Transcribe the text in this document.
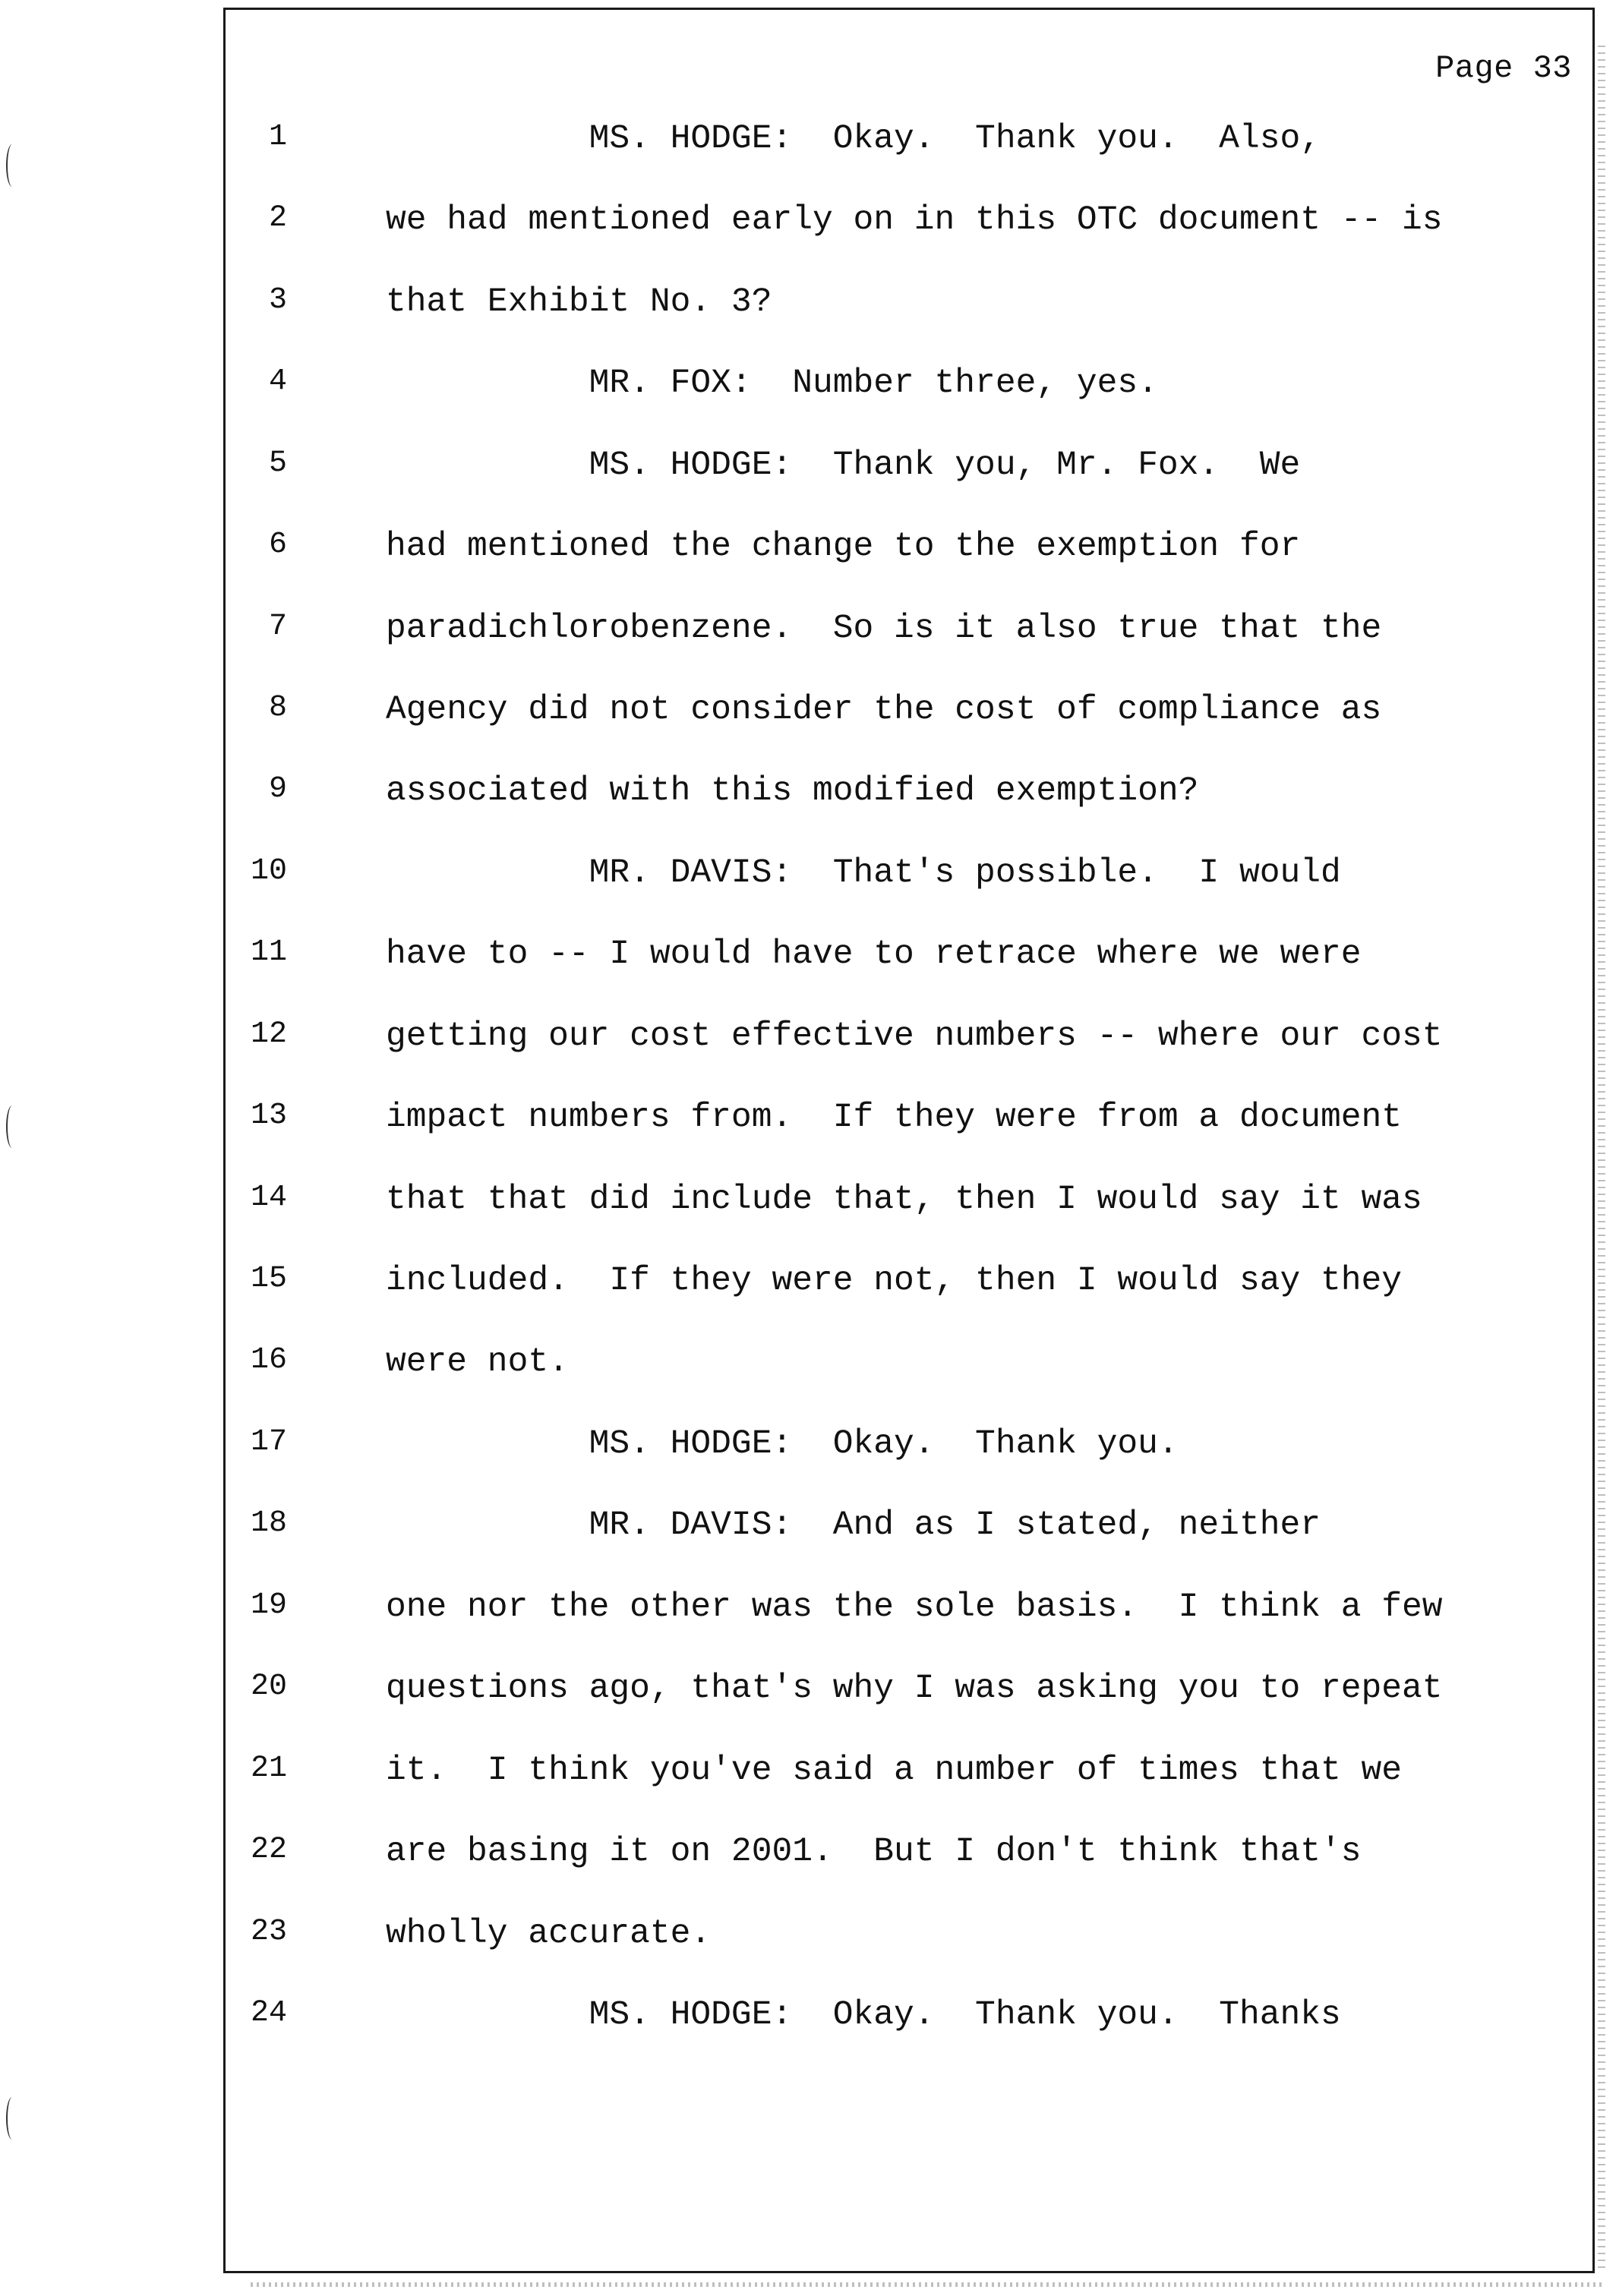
Page 33
1	MS. HODGE:  Okay.  Thank you.  Also,
2	we had mentioned early on in this OTC document -- is
3	that Exhibit No. 3?
4	MR. FOX:  Number three, yes.
5	MS. HODGE:  Thank you, Mr. Fox.  We
6	had mentioned the change to the exemption for
7	paradichlorobenzene.  So is it also true that the
8	Agency did not consider the cost of compliance as
9	associated with this modified exemption?
10	MR. DAVIS:  That's possible.  I would
11	have to -- I would have to retrace where we were
12	getting our cost effective numbers -- where our cost
13	impact numbers from.  If they were from a document
14	that that did include that, then I would say it was
15	included.  If they were not, then I would say they
16	were not.
17	MS. HODGE:  Okay.  Thank you.
18	MR. DAVIS:  And as I stated, neither
19	one nor the other was the sole basis.  I think a few
20	questions ago, that's why I was asking you to repeat
21	it.  I think you've said a number of times that we
22	are basing it on 2001.  But I don't think that's
23	wholly accurate.
24	MS. HODGE:  Okay.  Thank you.  Thanks
